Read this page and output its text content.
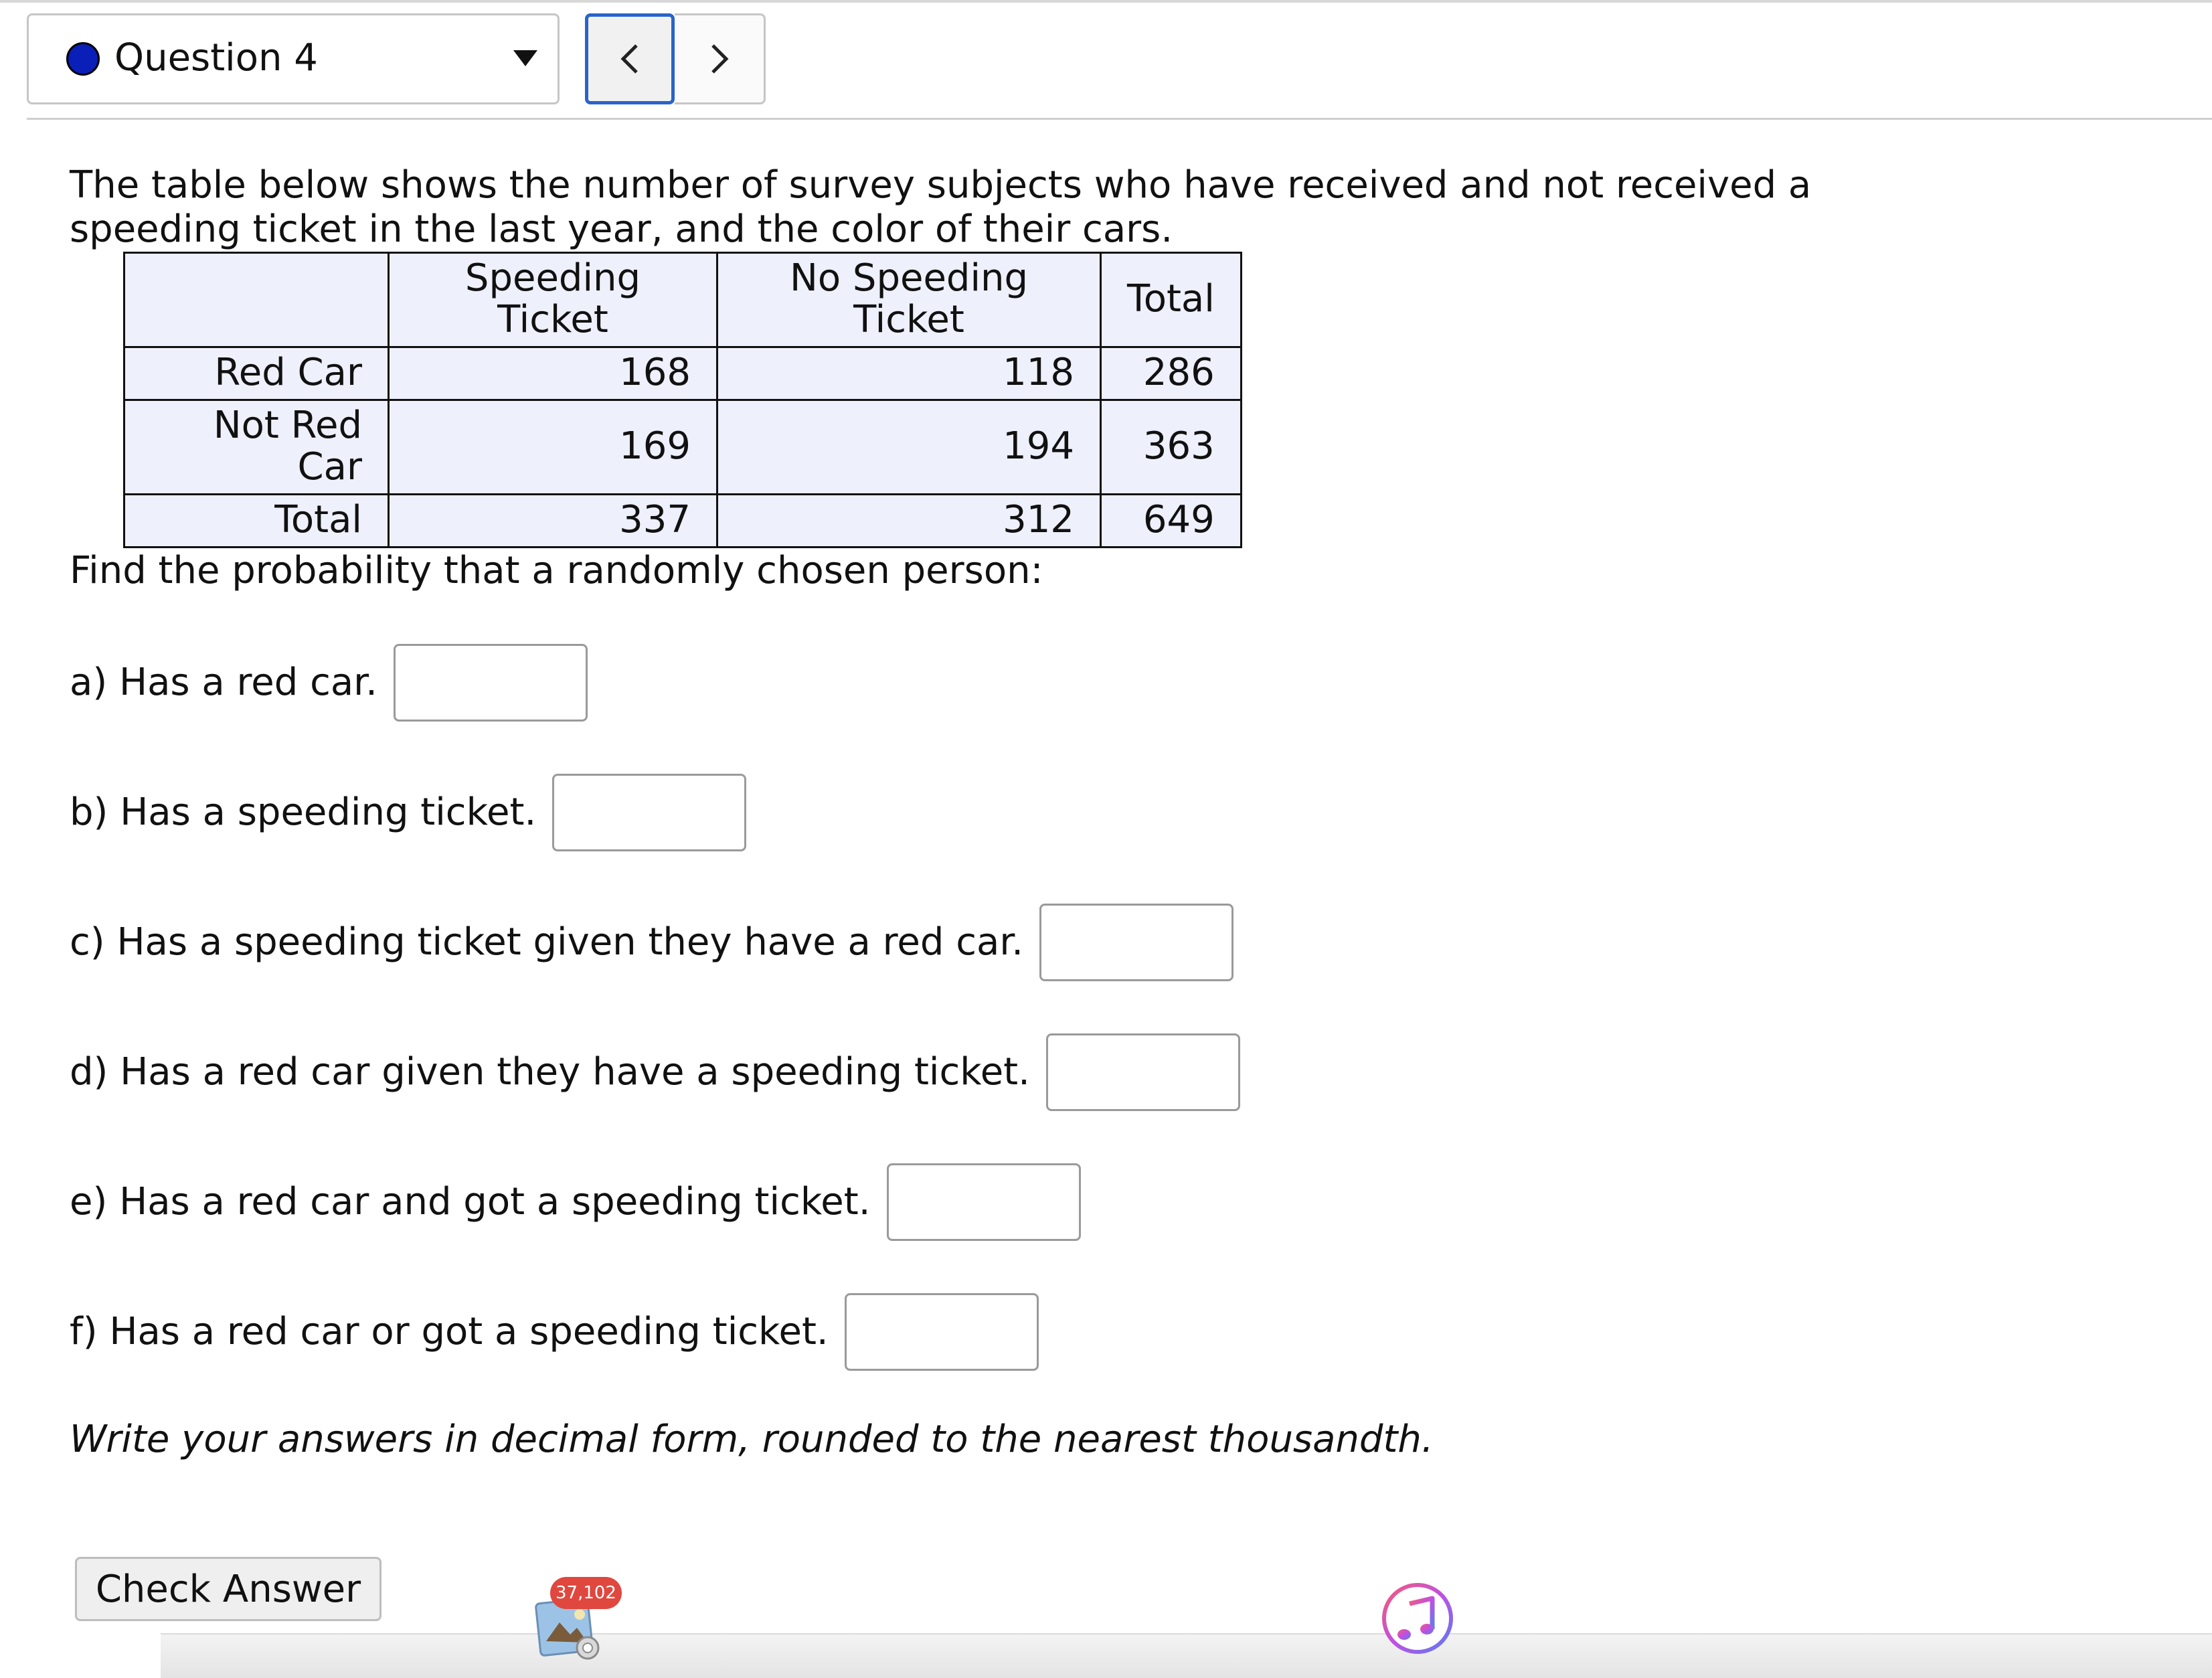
Question 4
The table below shows the number of survey subjects who have received and not received a speeding ticket in the last year, and the color of their cars.
	Speeding Ticket	No Speeding Ticket	Total
Red Car	168	118	286
Not Red Car	169	194	363
Total	337	312	649
Find the probability that a randomly chosen person:
a) Has a red car.
b) Has a speeding ticket.
c) Has a speeding ticket given they have a red car.
d) Has a red car given they have a speeding ticket.
e) Has a red car and got a speeding ticket.
f) Has a red car or got a speeding ticket.
Write your answers in decimal form, rounded to the nearest thousandth.
Check Answer	37,102
